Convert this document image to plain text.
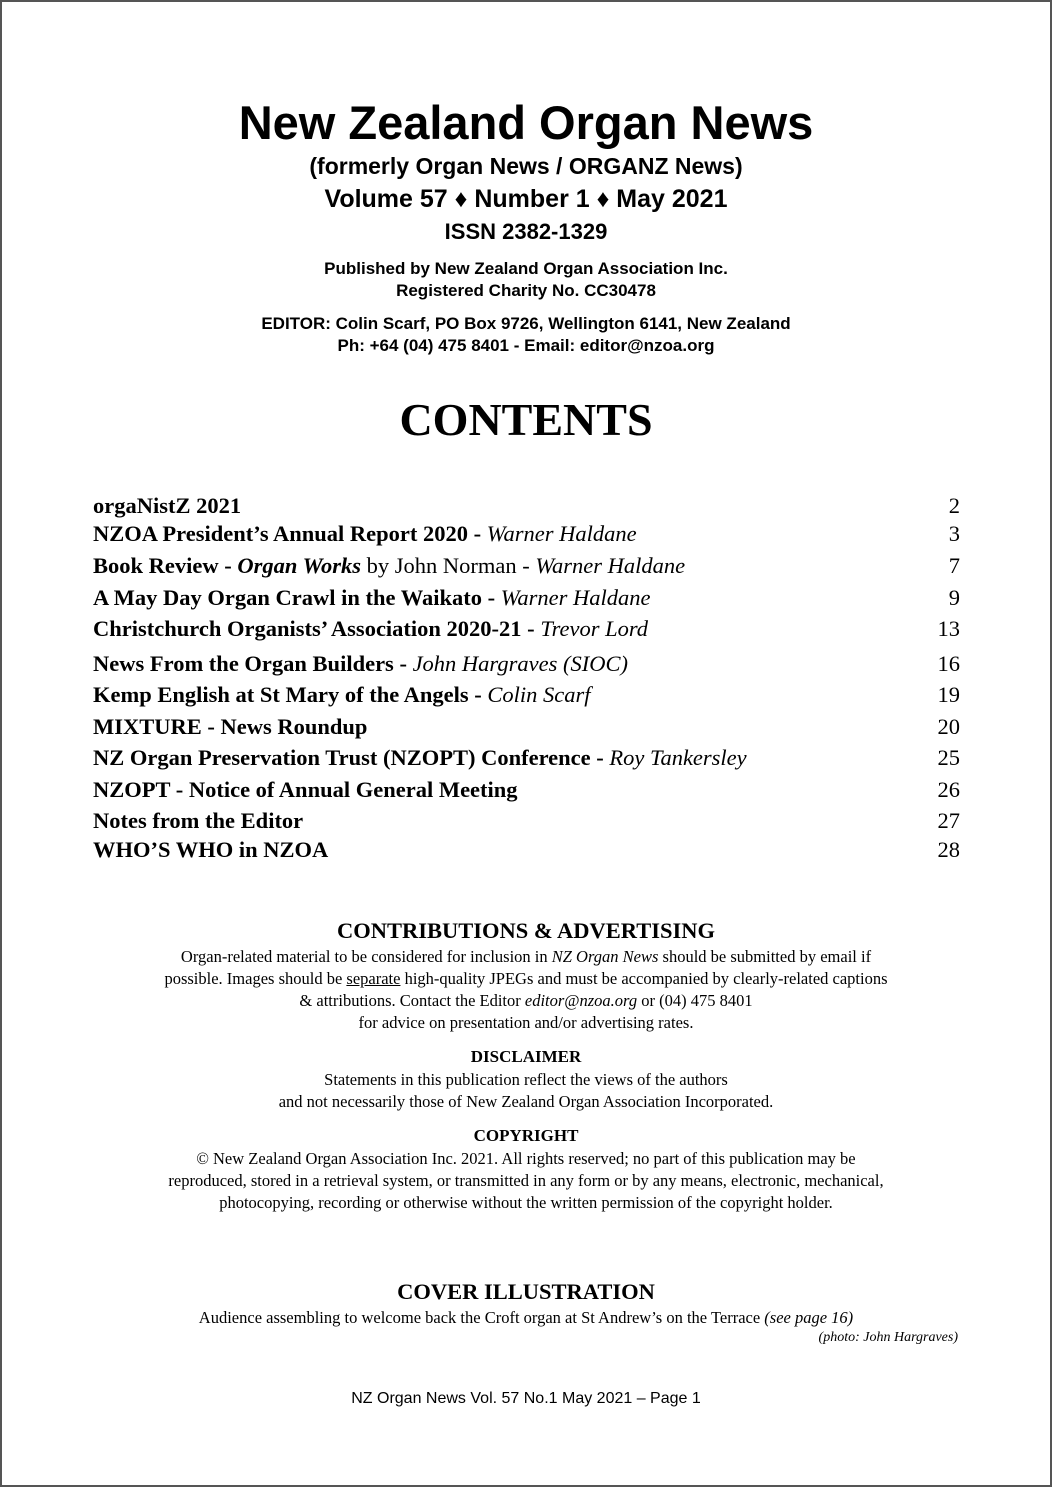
New Zealand Organ News

(formerly Organ News / ORGANZ News)

Volume 57 ♦ Number 1 ♦ May 2021

ISSN 2382-1329

Published by New Zealand Organ Association Inc.
Registered Charity No. CC30478
EDITOR: Colin Scarf, PO Box 9726, Wellington 6141, New Zealand
Ph: +64 (04) 475 8401 - Email: editor@nzoa.org

CONTENTS

orgaNistZ 2021	2
NZOA President’s Annual Report 2020 - Warner Haldane	3
Book Review - Organ Works by John Norman - Warner Haldane	7
A May Day Organ Crawl in the Waikato - Warner Haldane	9
Christchurch Organists’ Association 2020-21 - Trevor Lord	13
News From the Organ Builders - John Hargraves (SIOC)	16
Kemp English at St Mary of the Angels - Colin Scarf	19
MIXTURE - News Roundup	20
NZ Organ Preservation Trust (NZOPT) Conference - Roy Tankersley	25
NZOPT - Notice of Annual General Meeting	26
Notes from the Editor	27
WHO’S WHO in NZOA	28
CONTRIBUTIONS & ADVERTISING
Organ-related material to be considered for inclusion in NZ Organ News should be submitted by email if
possible. Images should be separate high-quality JPEGs and must be accompanied by clearly-related captions
& attributions. Contact the Editor editor@nzoa.org or (04) 475 8401
for advice on presentation and/or advertising rates.
DISCLAIMER
Statements in this publication reflect the views of the authors
and not necessarily those of New Zealand Organ Association Incorporated.
COPYRIGHT
© New Zealand Organ Association Inc. 2021. All rights reserved; no part of this publication may be
reproduced, stored in a retrieval system, or transmitted in any form or by any means, electronic, mechanical,
photocopying, recording or otherwise without the written permission of the copyright holder.
COVER ILLUSTRATION
Audience assembling to welcome back the Croft organ at St Andrew’s on the Terrace (see page 16)
(photo: John Hargraves)

NZ Organ News Vol. 57 No.1 May 2021 – Page 1
